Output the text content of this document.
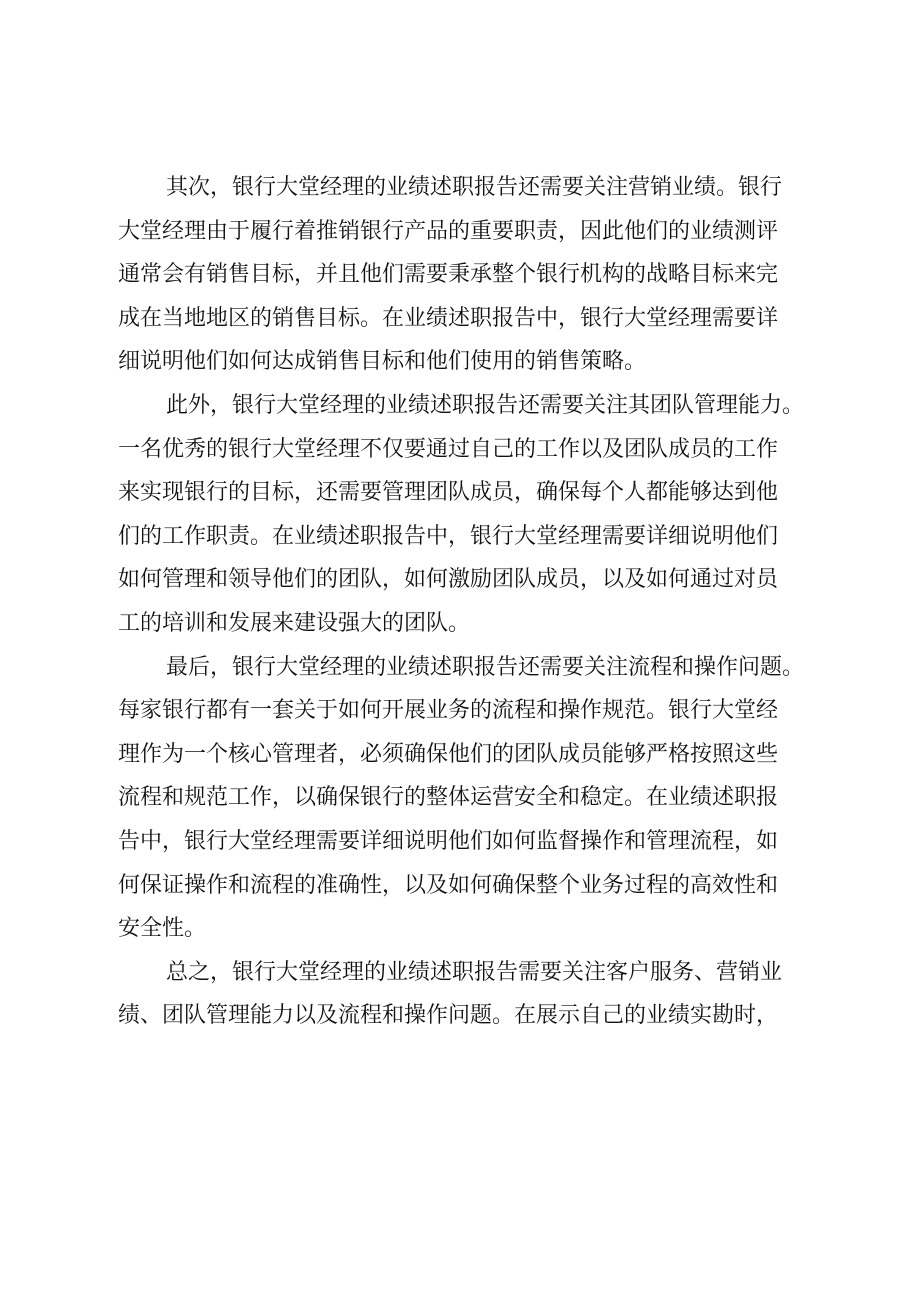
其次，银行大堂经理的业绩述职报告还需要关注营销业绩。银行
大堂经理由于履行着推销银行产品的重要职责，因此他们的业绩测评
通常会有销售目标，并且他们需要秉承整个银行机构的战略目标来完
成在当地地区的销售目标。在业绩述职报告中，银行大堂经理需要详
细说明他们如何达成销售目标和他们使用的销售策略。
此外，银行大堂经理的业绩述职报告还需要关注其团队管理能力。
一名优秀的银行大堂经理不仅要通过自己的工作以及团队成员的工作
来实现银行的目标，还需要管理团队成员，确保每个人都能够达到他
们的工作职责。在业绩述职报告中，银行大堂经理需要详细说明他们
如何管理和领导他们的团队，如何激励团队成员，以及如何通过对员
工的培训和发展来建设强大的团队。
最后，银行大堂经理的业绩述职报告还需要关注流程和操作问题。
每家银行都有一套关于如何开展业务的流程和操作规范。银行大堂经
理作为一个核心管理者，必须确保他们的团队成员能够严格按照这些
流程和规范工作，以确保银行的整体运营安全和稳定。在业绩述职报
告中，银行大堂经理需要详细说明他们如何监督操作和管理流程，如
何保证操作和流程的准确性，以及如何确保整个业务过程的高效性和
安全性。
总之，银行大堂经理的业绩述职报告需要关注客户服务、营销业
绩、团队管理能力以及流程和操作问题。在展示自己的业绩实勘时，
